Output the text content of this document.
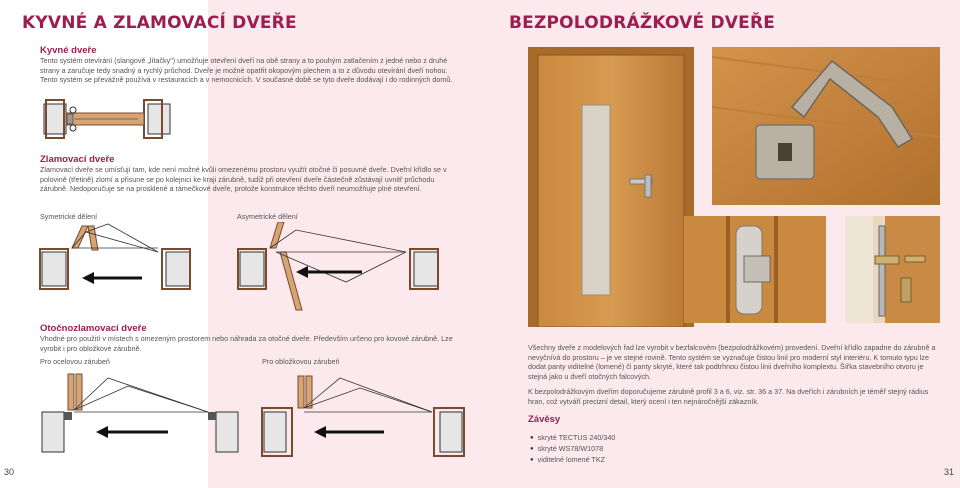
KYVNÉ A ZLAMOVACÍ DVEŘE
Kyvné dveře
Tento systém otevírání (slangově „lítačky") umožňuje otevření dveří na obě strany a to pouhým zatlačením z jedné nebo z druhé strany a zaručuje tedy snadný a rychlý průchod. Dveře je možné opatřit okopovým plechem a to z důvodu otevírání dveří nohou. Tento systém se převážně používá v restauracích a v nemocnicích. V současné době se tyto dveře dodávají i do rodinných domů.
Zlamovací dveře
Zlamovací dveře se umísťují tam, kde není možné kvůli omezenému prostoru využít otočné či posuvné dveře. Dveřní křídlo se v polovině (třetině) zlomí a přisune se po kolejnici ke kraji zárubně, tudíž při otevření dveře částečně zůstávají uvnitř průchodu zárubně. Nedoporučuje se na prosklené a rámečkové dveře, protože konstrukce těchto dveří neumožňuje plné otevření.
Symetrické dělení	Asymetrické dělení
Otočnozlamovací dveře
Vhodné pro použití v místech s omezeným prostorem nebo náhrada za otočné dveře. Především určeno pro kovové zárubně. Lze vyrobit i pro obložkové zárubně.
Pro ocelovou zárubeň	Pro obložkovou zárubeň
30
BEZPOLODRÁŽKOVÉ DVEŘE
Všechny dveře z modelových řad lze vyrobit v bezfalcovém (bezpolodrážkovém) provedení. Dveřní křídlo zapadne do zárubně a nevyčnívá do prostoru – je ve stejné rovině. Tento systém se vyznačuje čistou linií pro moderní styl interiéru. K tomuto typu lze dodat panty viditelné (lomené) či panty skryté, které tak podtrhnou čistou linii dveřního komplextu. Šířka stavebního otvoru je stejná jako u dveří otočných falcových.
K bezpolodrážkovým dveřím doporučujeme zárubně profil 3 a 6, viz. str. 36 a 37. Na dveřích i zárubních je téměř stejný rádius hran, což vytváří precizní detail, který ocení i ten nejnáročnější zákazník.
Závěsy
● skryté TECTUS 240/340
● skryté WS78/W1078
● viditelné lomené TKZ
31
